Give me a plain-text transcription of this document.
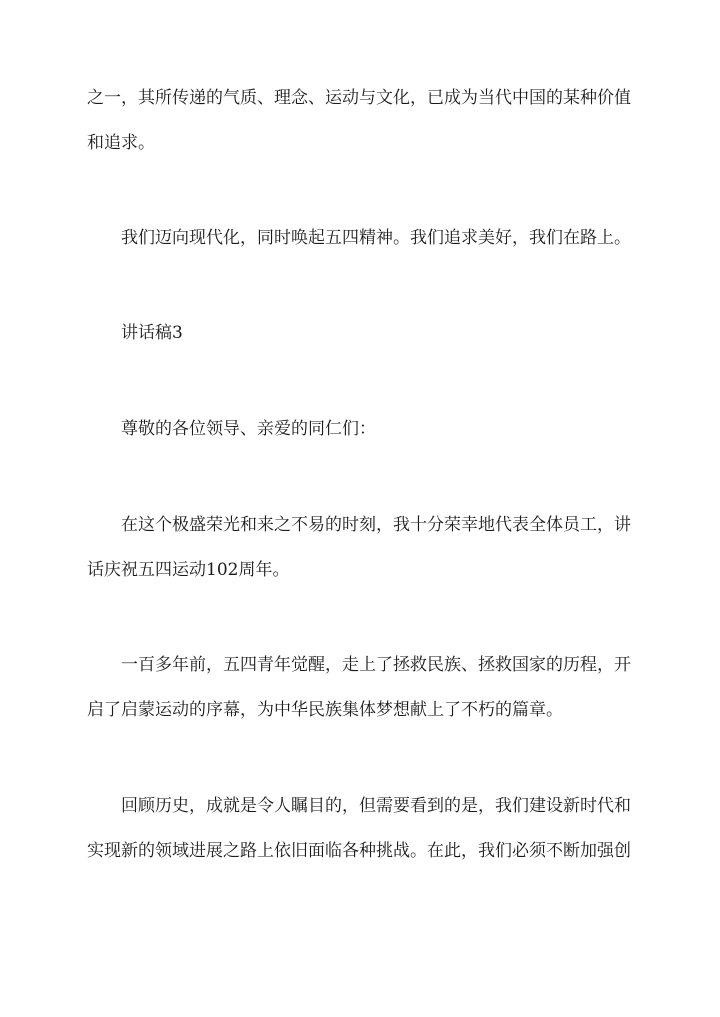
之一，其所传递的气质、理念、运动与文化，已成为当代中国的某种价值
和追求。
我们迈向现代化，同时唤起五四精神。我们追求美好，我们在路上。
讲话稿3
尊敬的各位领导、亲爱的同仁们：
在这个极盛荣光和来之不易的时刻，我十分荣幸地代表全体员工，讲
话庆祝五四运动102周年。
一百多年前，五四青年觉醒，走上了拯救民族、拯救国家的历程，开
启了启蒙运动的序幕，为中华民族集体梦想献上了不朽的篇章。
回顾历史，成就是令人瞩目的，但需要看到的是，我们建设新时代和
实现新的领域进展之路上依旧面临各种挑战。在此，我们必须不断加强创
